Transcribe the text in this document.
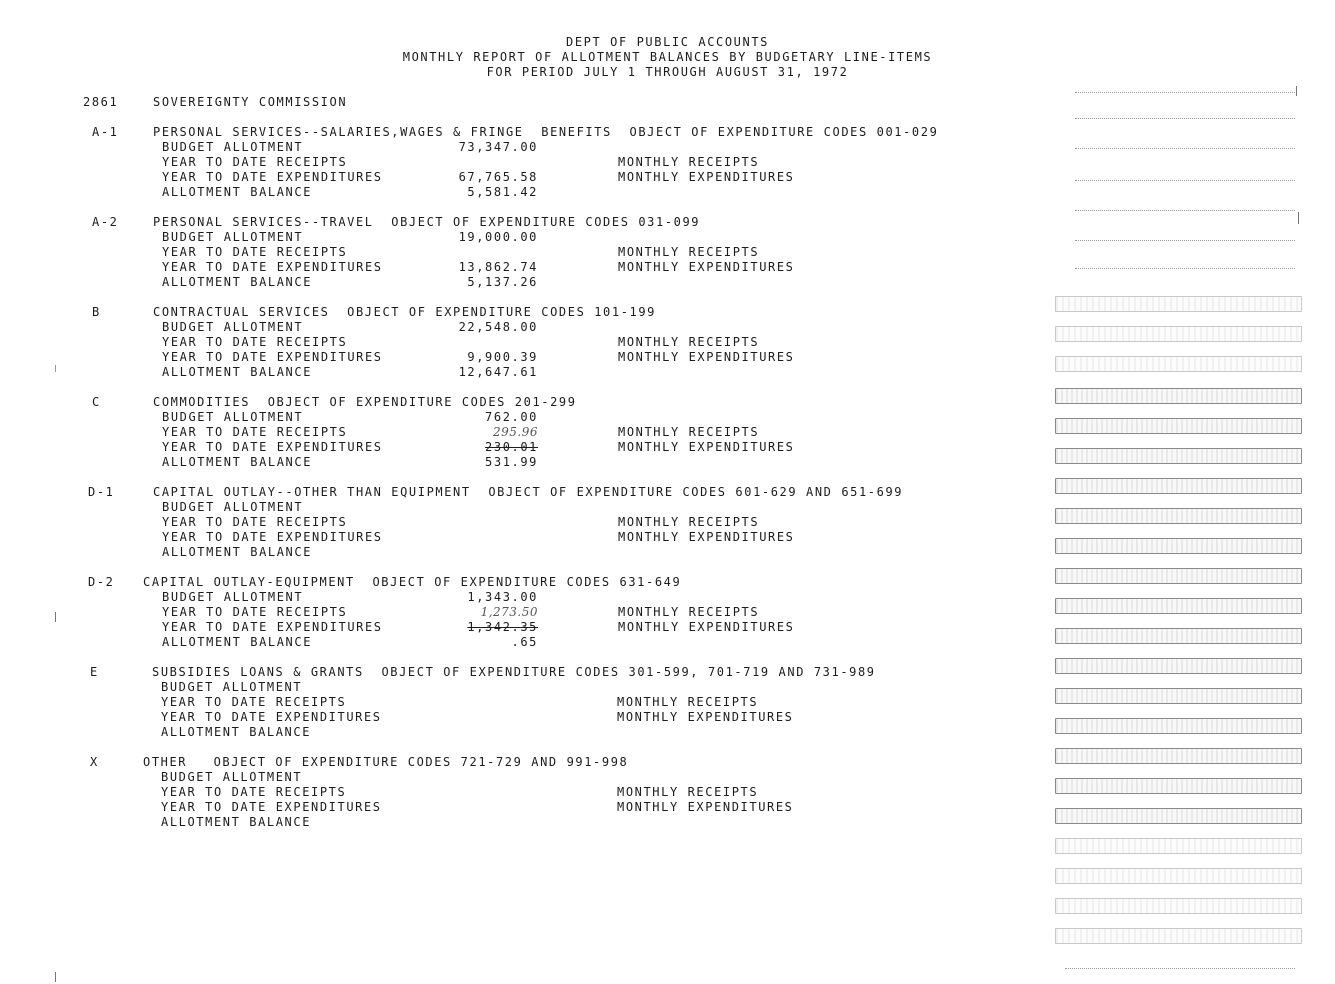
DEPT OF PUBLIC ACCOUNTS
MONTHLY REPORT OF ALLOTMENT BALANCES BY BUDGETARY LINE-ITEMS
FOR PERIOD JULY 1 THROUGH AUGUST 31, 1972
2861	SOVEREIGNTY COMMISSION
A-1	PERSONAL SERVICES--SALARIES,WAGES & FRINGE  BENEFITS  OBJECT OF EXPENDITURE CODES 001-029
BUDGET ALLOTMENT	73,347.00
YEAR TO DATE RECEIPTS	MONTHLY RECEIPTS
YEAR TO DATE EXPENDITURES	67,765.58	MONTHLY EXPENDITURES
ALLOTMENT BALANCE	5,581.42
A-2	PERSONAL SERVICES--TRAVEL  OBJECT OF EXPENDITURE CODES 031-099
BUDGET ALLOTMENT	19,000.00
YEAR TO DATE RECEIPTS	MONTHLY RECEIPTS
YEAR TO DATE EXPENDITURES	13,862.74	MONTHLY EXPENDITURES
ALLOTMENT BALANCE	5,137.26
B	CONTRACTUAL SERVICES  OBJECT OF EXPENDITURE CODES 101-199
BUDGET ALLOTMENT	22,548.00
YEAR TO DATE RECEIPTS	MONTHLY RECEIPTS
YEAR TO DATE EXPENDITURES	9,900.39	MONTHLY EXPENDITURES
ALLOTMENT BALANCE	12,647.61
C	COMMODITIES  OBJECT OF EXPENDITURE CODES 201-299
BUDGET ALLOTMENT	762.00
YEAR TO DATE RECEIPTS	295.96	MONTHLY RECEIPTS
YEAR TO DATE EXPENDITURES	230.01	MONTHLY EXPENDITURES
ALLOTMENT BALANCE	531.99
D-1	CAPITAL OUTLAY--OTHER THAN EQUIPMENT  OBJECT OF EXPENDITURE CODES 601-629 AND 651-699
BUDGET ALLOTMENT
YEAR TO DATE RECEIPTS	MONTHLY RECEIPTS
YEAR TO DATE EXPENDITURES	MONTHLY EXPENDITURES
ALLOTMENT BALANCE
D-2 CAPITAL OUTLAY-EQUIPMENT  OBJECT OF EXPENDITURE CODES 631-649
BUDGET ALLOTMENT	1,343.00
YEAR TO DATE RECEIPTS	1,273.50	MONTHLY RECEIPTS
YEAR TO DATE EXPENDITURES	1,342.35	MONTHLY EXPENDITURES
ALLOTMENT BALANCE	.65
E	SUBSIDIES LOANS & GRANTS  OBJECT OF EXPENDITURE CODES 301-599, 701-719 AND 731-989
BUDGET ALLOTMENT
YEAR TO DATE RECEIPTS	MONTHLY RECEIPTS
YEAR TO DATE EXPENDITURES	MONTHLY EXPENDITURES
ALLOTMENT BALANCE
X	OTHER   OBJECT OF EXPENDITURE CODES 721-729 AND 991-998
BUDGET ALLOTMENT
YEAR TO DATE RECEIPTS	MONTHLY RECEIPTS
YEAR TO DATE EXPENDITURES	MONTHLY EXPENDITURES
ALLOTMENT BALANCE
